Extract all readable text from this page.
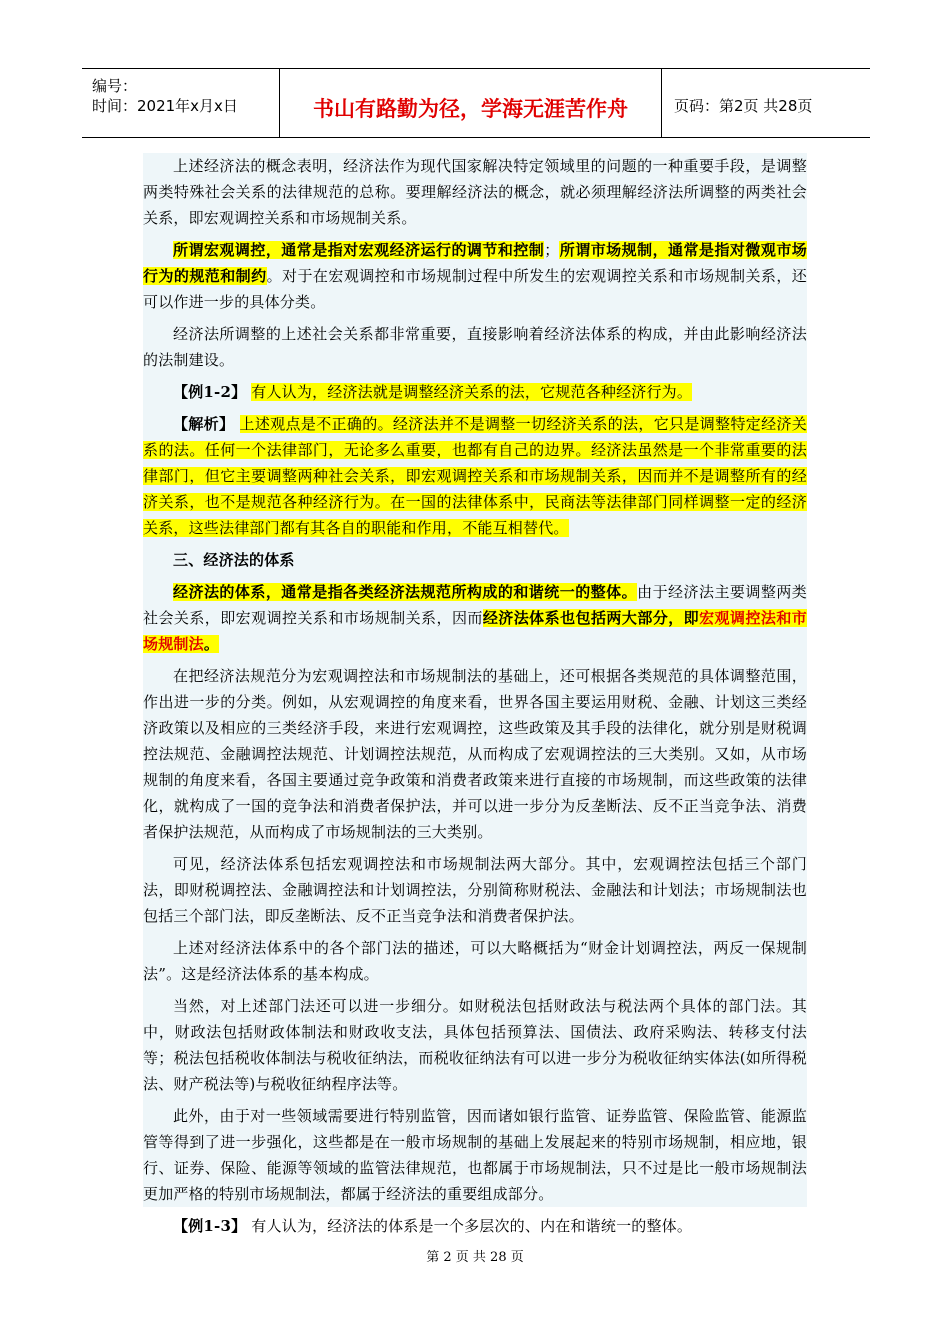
编号：
时间：2021年x月x日	书山有路勤为径，学海无涯苦作舟	页码：第2页 共28页

上述经济法的概念表明，经济法作为现代国家解决特定领域里的问题的一种重要手段，是调整两类特殊社会关系的法律规范的总称。要理解经济法的概念，就必须理解经济法所调整的两类社会关系，即宏观调控关系和市场规制关系。

所谓宏观调控，通常是指对宏观经济运行的调节和控制；所谓市场规制，通常是指对微观市场行为的规范和制约。对于在宏观调控和市场规制过程中所发生的宏观调控关系和市场规制关系，还可以作进一步的具体分类。

经济法所调整的上述社会关系都非常重要，直接影响着经济法体系的构成，并由此影响经济法的法制建设。

【例1-2】 有人认为，经济法就是调整经济关系的法，它规范各种经济行为。

【解析】 上述观点是不正确的。经济法并不是调整一切经济关系的法，它只是调整特定经济关系的法。任何一个法律部门，无论多么重要，也都有自己的边界。经济法虽然是一个非常重要的法律部门，但它主要调整两种社会关系，即宏观调控关系和市场规制关系，因而并不是调整所有的经济关系，也不是规范各种经济行为。在一国的法律体系中，民商法等法律部门同样调整一定的经济关系，这些法律部门都有其各自的职能和作用，不能互相替代。

三、经济法的体系

经济法的体系，通常是指各类经济法规范所构成的和谐统一的整体。由于经济法主要调整两类社会关系，即宏观调控关系和市场规制关系，因而经济法体系也包括两大部分，即宏观调控法和市场规制法。

在把经济法规范分为宏观调控法和市场规制法的基础上，还可根据各类规范的具体调整范围，作出进一步的分类。例如，从宏观调控的角度来看，世界各国主要运用财税、金融、计划这三类经济政策以及相应的三类经济手段，来进行宏观调控，这些政策及其手段的法律化，就分别是财税调控法规范、金融调控法规范、计划调控法规范，从而构成了宏观调控法的三大类别。又如，从市场规制的角度来看，各国主要通过竞争政策和消费者政策来进行直接的市场规制，而这些政策的法律化，就构成了一国的竞争法和消费者保护法，并可以进一步分为反垄断法、反不正当竞争法、消费者保护法规范，从而构成了市场规制法的三大类别。

可见，经济法体系包括宏观调控法和市场规制法两大部分。其中，宏观调控法包括三个部门法，即财税调控法、金融调控法和计划调控法，分别简称财税法、金融法和计划法；市场规制法也包括三个部门法，即反垄断法、反不正当竞争法和消费者保护法。

上述对经济法体系中的各个部门法的描述，可以大略概括为“财金计划调控法，两反一保规制法”。这是经济法体系的基本构成。

当然，对上述部门法还可以进一步细分。如财税法包括财政法与税法两个具体的部门法。其中，财政法包括财政体制法和财政收支法，具体包括预算法、国债法、政府采购法、转移支付法等；税法包括税收体制法与税收征纳法，而税收征纳法有可以进一步分为税收征纳实体法(如所得税法、财产税法等)与税收征纳程序法等。

此外，由于对一些领域需要进行特别监管，因而诸如银行监管、证券监管、保险监管、能源监管等得到了进一步强化，这些都是在一般市场规制的基础上发展起来的特别市场规制，相应地，银行、证券、保险、能源等领域的监管法律规范，也都属于市场规制法，只不过是比一般市场规制法更加严格的特别市场规制法，都属于经济法的重要组成部分。

【例1-3】 有人认为，经济法的体系是一个多层次的、内在和谐统一的整体。

第 2 页 共 28 页
